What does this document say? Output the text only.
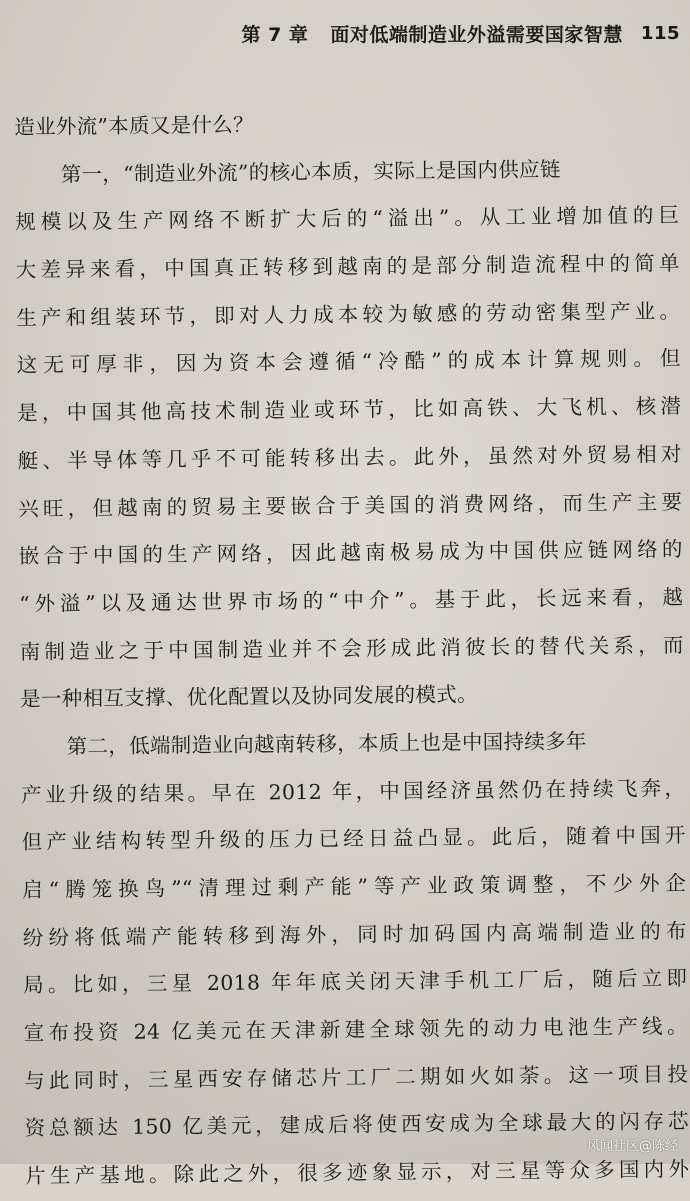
第 7 章 面对低端制造业外溢需要国家智慧 115
造业外流”本质又是什么？
第一，“制造业外流”的核心本质，实际上是国内供应链
规模以及生产网络不断扩大后的“溢出”。从工业增加值的巨
大差异来看，中国真正转移到越南的是部分制造流程中的简单
生产和组装环节，即对人力成本较为敏感的劳动密集型产业。
这无可厚非，因为资本会遵循“冷酷”的成本计算规则。但
是，中国其他高技术制造业或环节，比如高铁、大飞机、核潜
艇、半导体等几乎不可能转移出去。此外，虽然对外贸易相对
兴旺，但越南的贸易主要嵌合于美国的消费网络，而生产主要
嵌合于中国的生产网络，因此越南极易成为中国供应链网络的
“外溢”以及通达世界市场的“中介”。基于此，长远来看，越
南制造业之于中国制造业并不会形成此消彼长的替代关系，而
是一种相互支撑、优化配置以及协同发展的模式。
第二，低端制造业向越南转移，本质上也是中国持续多年
产业升级的结果。早在 2012 年，中国经济虽然仍在持续飞奔，
但产业结构转型升级的压力已经日益凸显。此后，随着中国开
启“腾笼换鸟”“清理过剩产能”等产业政策调整，不少外企
纷纷将低端产能转移到海外，同时加码国内高端制造业的布
局。比如，三星 2018 年年底关闭天津手机工厂后，随后立即
宣布投资 24 亿美元在天津新建全球领先的动力电池生产线。
与此同时，三星西安存储芯片工厂二期如火如荼。这一项目投
资总额达 150 亿美元，建成后将使西安成为全球最大的闪存芯
片生产基地。除此之外，很多迹象显示，对三星等众多国内外
风闻社区@陈经
